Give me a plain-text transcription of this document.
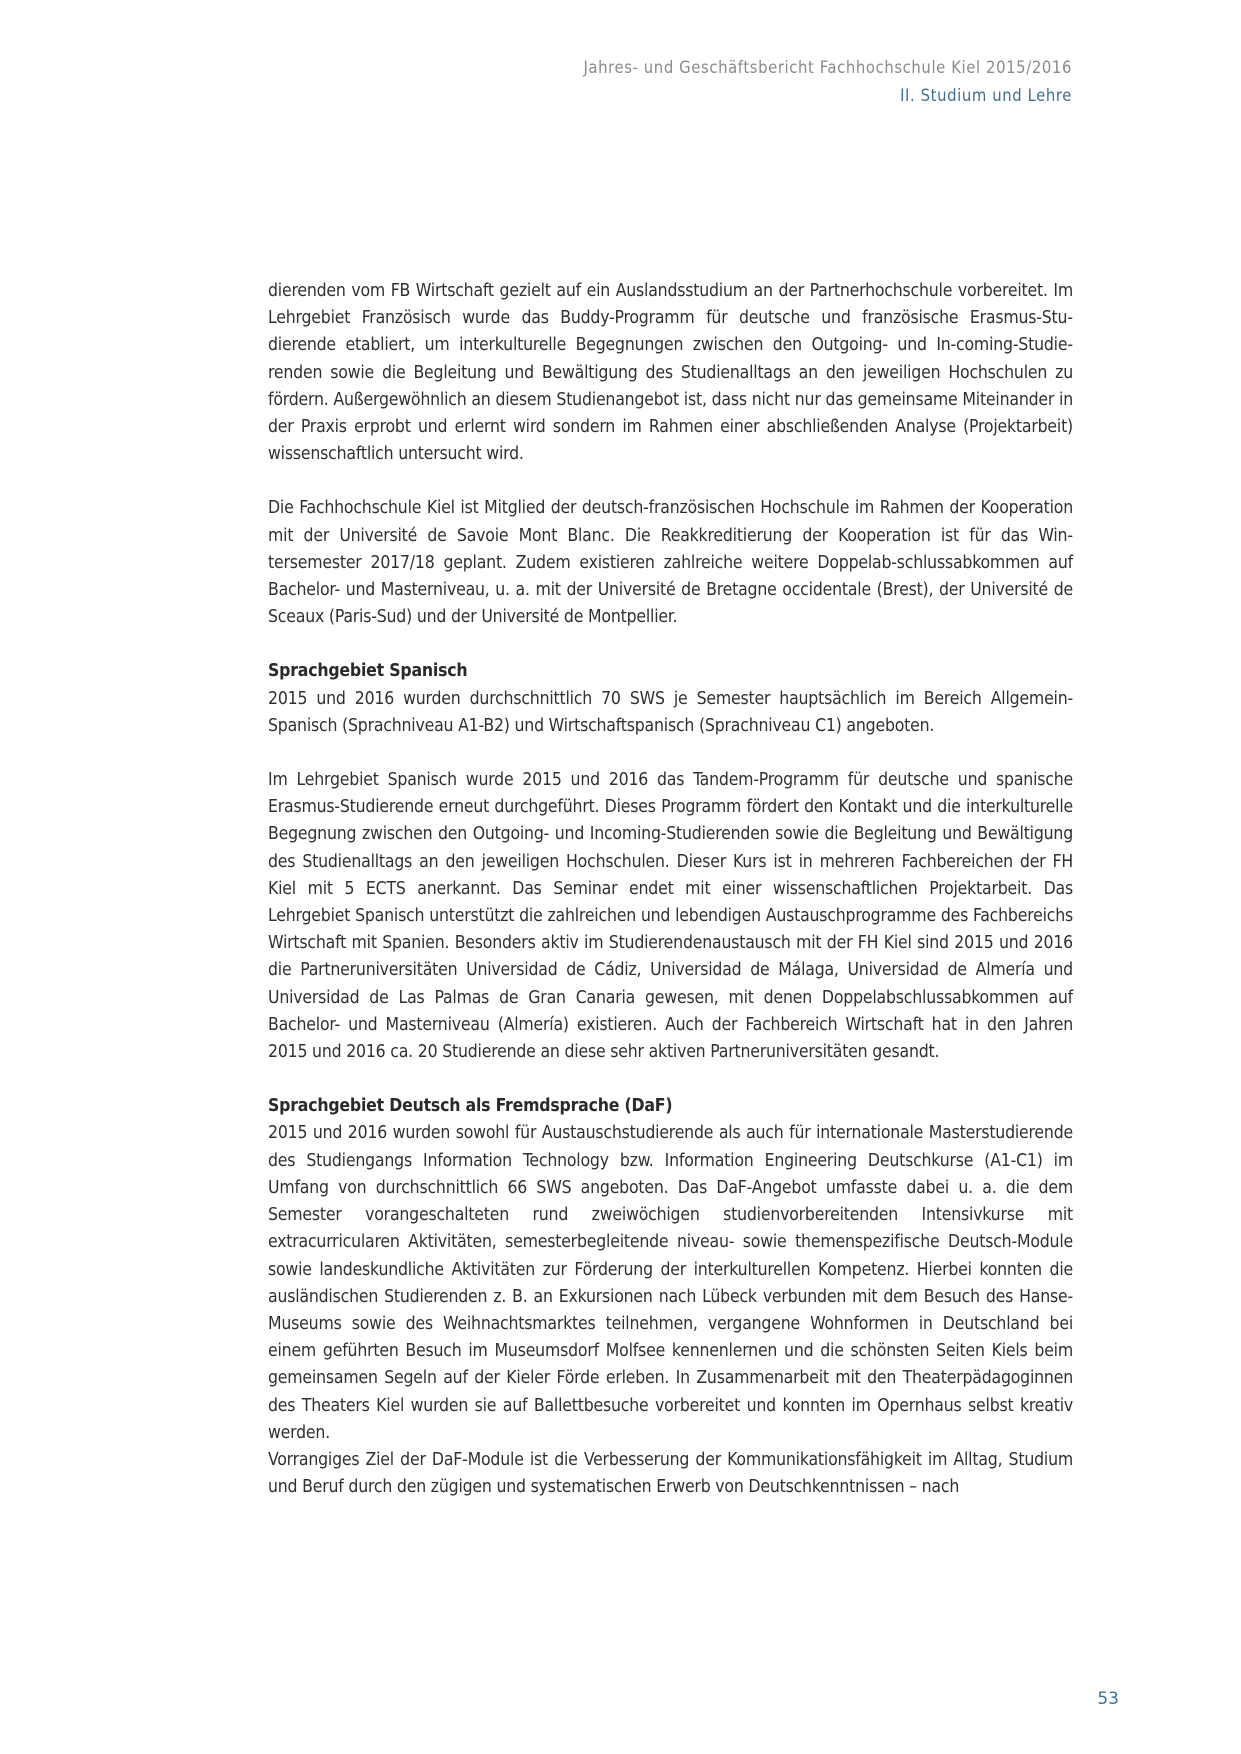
Jahres- und Geschäftsbericht Fachhochschule Kiel 2015/2016
II. Studium und Lehre

dierenden vom FB Wirtschaft gezielt auf ein Auslandsstudium an der Partnerhochschule vorbereitet. Im Lehrgebiet Französisch wurde das Buddy-Programm für deutsche und französische Erasmus-Studierende etabliert, um interkulturelle Begegnungen zwischen den Outgoing- und In-coming-Studierenden sowie die Begleitung und Bewältigung des Studienalltags an den jeweiligen Hochschulen zu fördern. Außergewöhnlich an diesem Studienangebot ist, dass nicht nur das gemeinsame Miteinander in der Praxis erprobt und erlernt wird sondern im Rahmen einer abschließenden Analyse (Projektarbeit) wissenschaftlich untersucht wird.

Die Fachhochschule Kiel ist Mitglied der deutsch-französischen Hochschule im Rahmen der Kooperation mit der Université de Savoie Mont Blanc. Die Reakkreditierung der Kooperation ist für das Wintersemester 2017/18 geplant. Zudem existieren zahlreiche weitere Doppelab-schlussabkommen auf Bachelor- und Masterniveau, u. a. mit der Université de Bretagne occidentale (Brest), der Université de Sceaux (Paris-Sud) und der Université de Montpellier.

Sprachgebiet Spanisch

2015 und 2016 wurden durchschnittlich 70 SWS je Semester hauptsächlich im Bereich Allgemein-Spanisch (Sprachniveau A1-B2) und Wirtschaftspanisch (Sprachniveau C1) angeboten.

Im Lehrgebiet Spanisch wurde 2015 und 2016 das Tandem-Programm für deutsche und spanische Erasmus-Studierende erneut durchgeführt. Dieses Programm fördert den Kontakt und die interkulturelle Begegnung zwischen den Outgoing- und Incoming-Studierenden sowie die Begleitung und Bewältigung des Studienalltags an den jeweiligen Hochschulen. Dieser Kurs ist in mehreren Fachbereichen der FH Kiel mit 5 ECTS anerkannt. Das Seminar endet mit einer wissenschaftlichen Projektarbeit. Das Lehrgebiet Spanisch unterstützt die zahlreichen und lebendigen Austauschprogramme des Fachbereichs Wirtschaft mit Spanien. Besonders aktiv im Studierendenaustausch mit der FH Kiel sind 2015 und 2016 die Partneruniversitäten Universidad de Cádiz, Universidad de Málaga, Universidad de Almería und Universidad de Las Palmas de Gran Canaria gewesen, mit denen Doppelabschlussabkommen auf Bachelor- und Masterniveau (Almería) existieren. Auch der Fachbereich Wirtschaft hat in den Jahren 2015 und 2016 ca. 20 Studierende an diese sehr aktiven Partneruniversitäten gesandt.

Sprachgebiet Deutsch als Fremdsprache (DaF)

2015 und 2016 wurden sowohl für Austauschstudierende als auch für internationale Masterstudierende des Studiengangs Information Technology bzw. Information Engineering Deutschkurse (A1-C1) im Umfang von durchschnittlich 66 SWS angeboten. Das DaF-Angebot umfasste dabei u. a. die dem Semester vorangeschalteten rund zweiwöchigen studienvorbereitenden Intensivkurse mit extracurricularen Aktivitäten, semesterbegleitende niveau- sowie themenspezifische Deutsch-Module sowie landeskundliche Aktivitäten zur Förderung der interkulturellen Kompetenz. Hierbei konnten die ausländischen Studierenden z. B. an Exkursionen nach Lübeck verbunden mit dem Besuch des Hanse-Museums sowie des Weihnachtsmarktes teilnehmen, vergangene Wohnformen in Deutschland bei einem geführten Besuch im Museumsdorf Molfsee kennenlernen und die schönsten Seiten Kiels beim gemeinsamen Segeln auf der Kieler Förde erleben. In Zusammenarbeit mit den Theaterpädagoginnen des Theaters Kiel wurden sie auf Ballettbesuche vorbereitet und konnten im Opernhaus selbst kreativ werden.

Vorrangiges Ziel der DaF-Module ist die Verbesserung der Kommunikationsfähigkeit im Alltag, Studium und Beruf durch den zügigen und systematischen Erwerb von Deutschkenntnissen – nach

53
